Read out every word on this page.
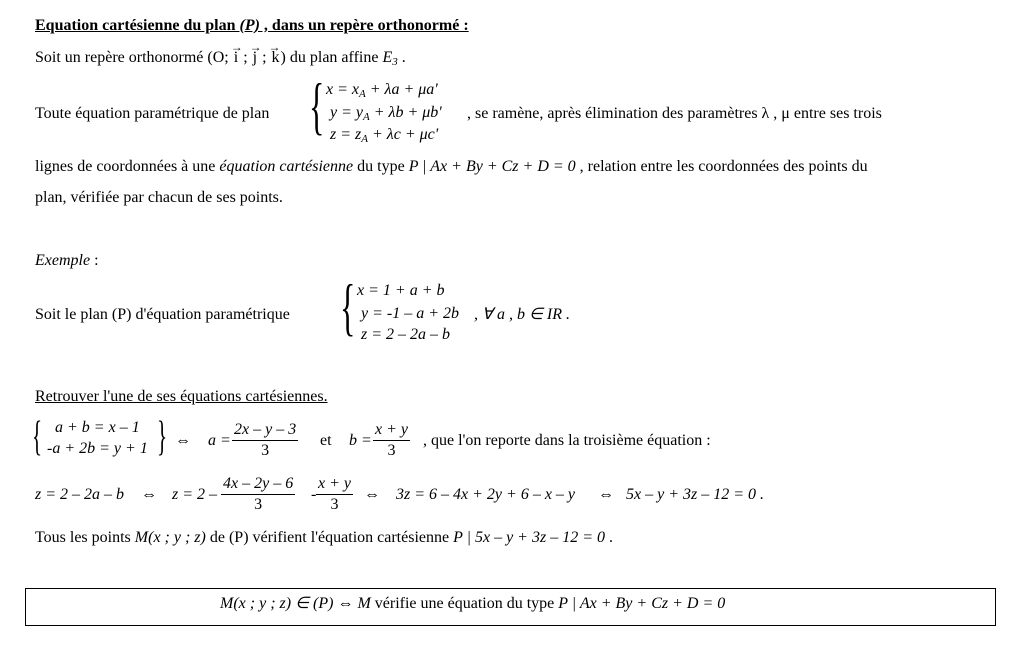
Equation cartésienne du plan (P) , dans un repère orthonormé :
Soit un repère orthonormé (O; → i ; → j ; → k) du plan affine $E_3$ .
Toute équation paramétrique de plan { $x = x_A + \lambda a + \mu a'$
$y = y_A + \lambda b + \mu b'$
$z = z_A + \lambda c + \mu c'$
, se ramène, après élimination des paramètres λ , μ entre ses trois
lignes de coordonnées à une équation cartésienne du type P | Ax + By + Cz + D = 0 , relation entre les coordonnées des points du
plan, vérifiée par chacun de ses points.
Exemple :
Soit le plan (P) d'équation paramétrique { x = 1 + a + b
y = -1 – a + 2b
z = 2 – 2a – b
, ∀ a , b ∈ IR .
Retrouver l'une de ses équations cartésiennes.
{ a + b = x – 1
-a + 2b = y + 1 } ⇔ $a = \frac{2x - y - 3}{3}$ et $b = \frac{x + y}{3}$ , que l'on reporte dans la troisième équation :
z = 2 – 2a – b ⇔ $z = 2 - \frac{4x - 2y - 6}{3} - \frac{x + y}{3}$ ⇔ 3z = 6 – 4x + 2y + 6 – x – y ⇔ 5x – y + 3z – 12 = 0 .
Tous les points M(x ; y ; z) de (P) vérifient l'équation cartésienne P | 5x – y + 3z – 12 = 0 .
M(x ; y ; z) ∈ (P) ⇔ M vérifie une équation du type P | Ax + By + Cz + D = 0
